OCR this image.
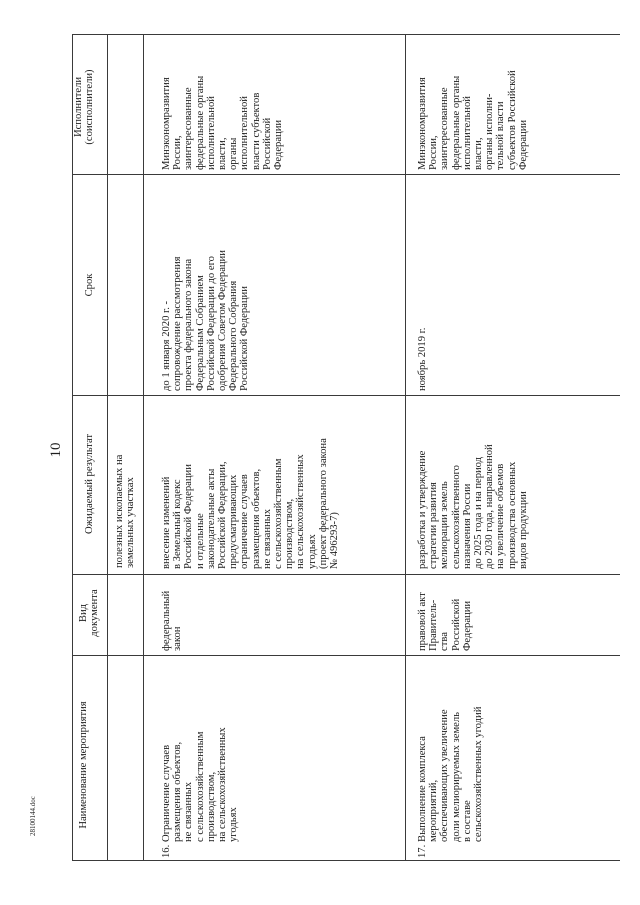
10
28100144.doc	Наименование мероприятия
Вид документа
Ожидаемый результат
Срок
Исполнители (соисполнители)
полезных ископаемых на земельных участках
16.
Ограничение случаев размещения объектов, не связанных с сельскохозяйственным производством, на сельскохозяйственных угодьях
федеральный закон
внесение изменений в Земельный кодекс Российской Федерации и отдельные законодательные акты Российской Федерации, предусматривающих ограничение случаев размещения объектов, не связанных с сельскохозяйственным производством, на сельскохозяйственных угодьях (проект федерального закона № 496293-7)
до 1 января 2020 г. - сопровождение рассмотрения проекта федерального закона Федеральным Собранием Российской Федерации до его одобрения Советом Федерации Федерального Собрания Российской Федерации
Минэкономразвития России, заинтересованные федеральные органы исполнительной власти, органы исполнительной власти субъектов Российской Федерации
17.
Выполнение комплекса мероприятий, обеспечивающих увеличение доли мелиорируемых земель в составе сельскохозяйственных угодий
правовой акт Правитель- ства Российской Федерации
разработка и утверждение стратегии развития мелиорации земель сельскохозяйственного назначения России до 2025 года и на период до 2030 года, направленной на увеличение объемов производства основных видов продукции
ноябрь 2019 г.
Минэкономразвития России, заинтересованные федеральные органы исполнительной власти, органы исполни- тельной власти субъектов Российской Федерации
